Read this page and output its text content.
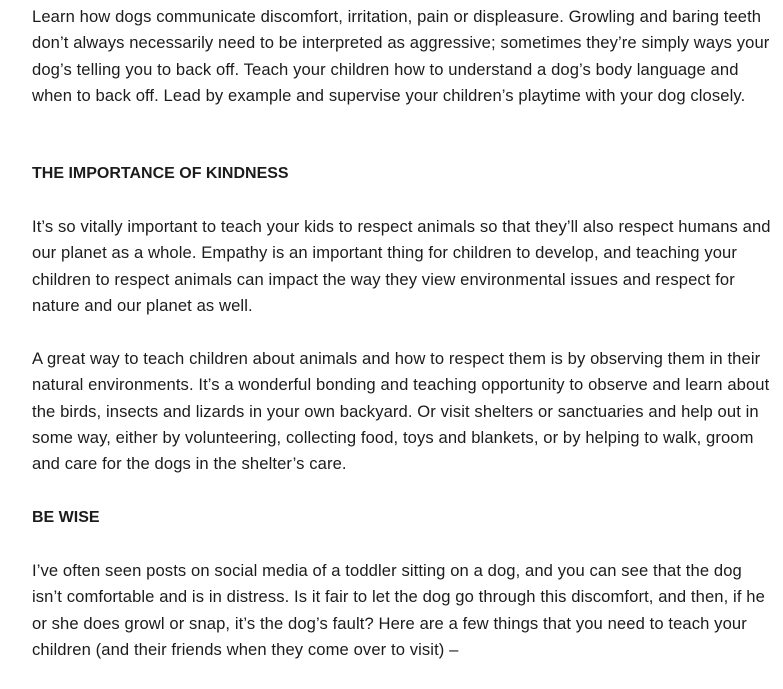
Learn how dogs communicate discomfort, irritation, pain or displeasure. Growling and baring teeth don’t always necessarily need to be interpreted as aggressive; sometimes they’re simply ways your dog’s telling you to back off. Teach your children how to understand a dog’s body language and when to back off. Lead by example and supervise your children’s playtime with your dog closely.

THE IMPORTANCE OF KINDNESS

It’s so vitally important to teach your kids to respect animals so that they’ll also respect humans and our planet as a whole. Empathy is an important thing for children to develop, and teaching your children to respect animals can impact the way they view environmental issues and respect for nature and our planet as well.

A great way to teach children about animals and how to respect them is by observing them in their natural environments. It’s a wonderful bonding and teaching opportunity to observe and learn about the birds, insects and lizards in your own backyard. Or visit shelters or sanctuaries and help out in some way, either by volunteering, collecting food, toys and blankets, or by helping to walk, groom and care for the dogs in the shelter’s care.

BE WISE

I’ve often seen posts on social media of a toddler sitting on a dog, and you can see that the dog isn’t comfortable and is in distress. Is it fair to let the dog go through this discomfort, and then, if he or she does growl or snap, it’s the dog’s fault? Here are a few things that you need to teach your children (and their friends when they come over to visit) –
